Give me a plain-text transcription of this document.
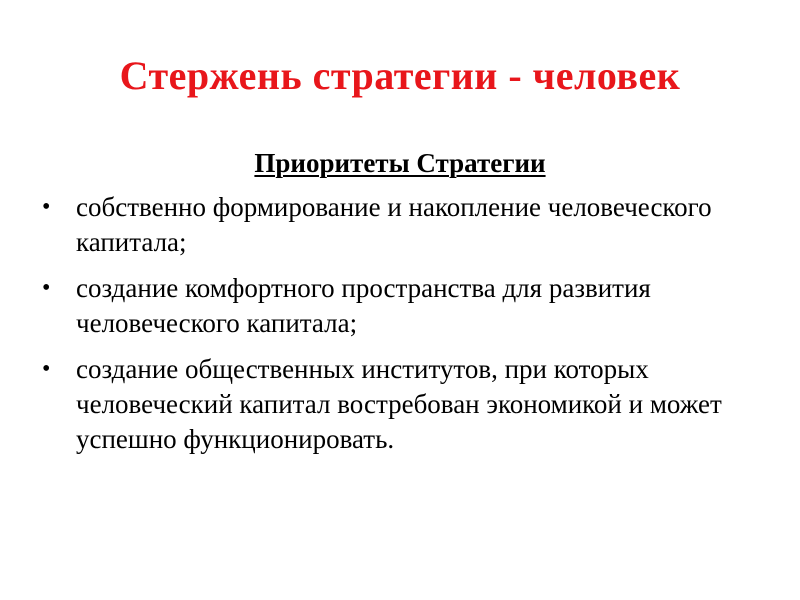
Стержень стратегии - человек
Приоритеты Стратегии
• собственно формирование и накопление человеческого капитала;
• создание комфортного пространства для развития человеческого капитала;
• создание общественных институтов, при которых человеческий капитал востребован экономикой и может успешно функционировать.
